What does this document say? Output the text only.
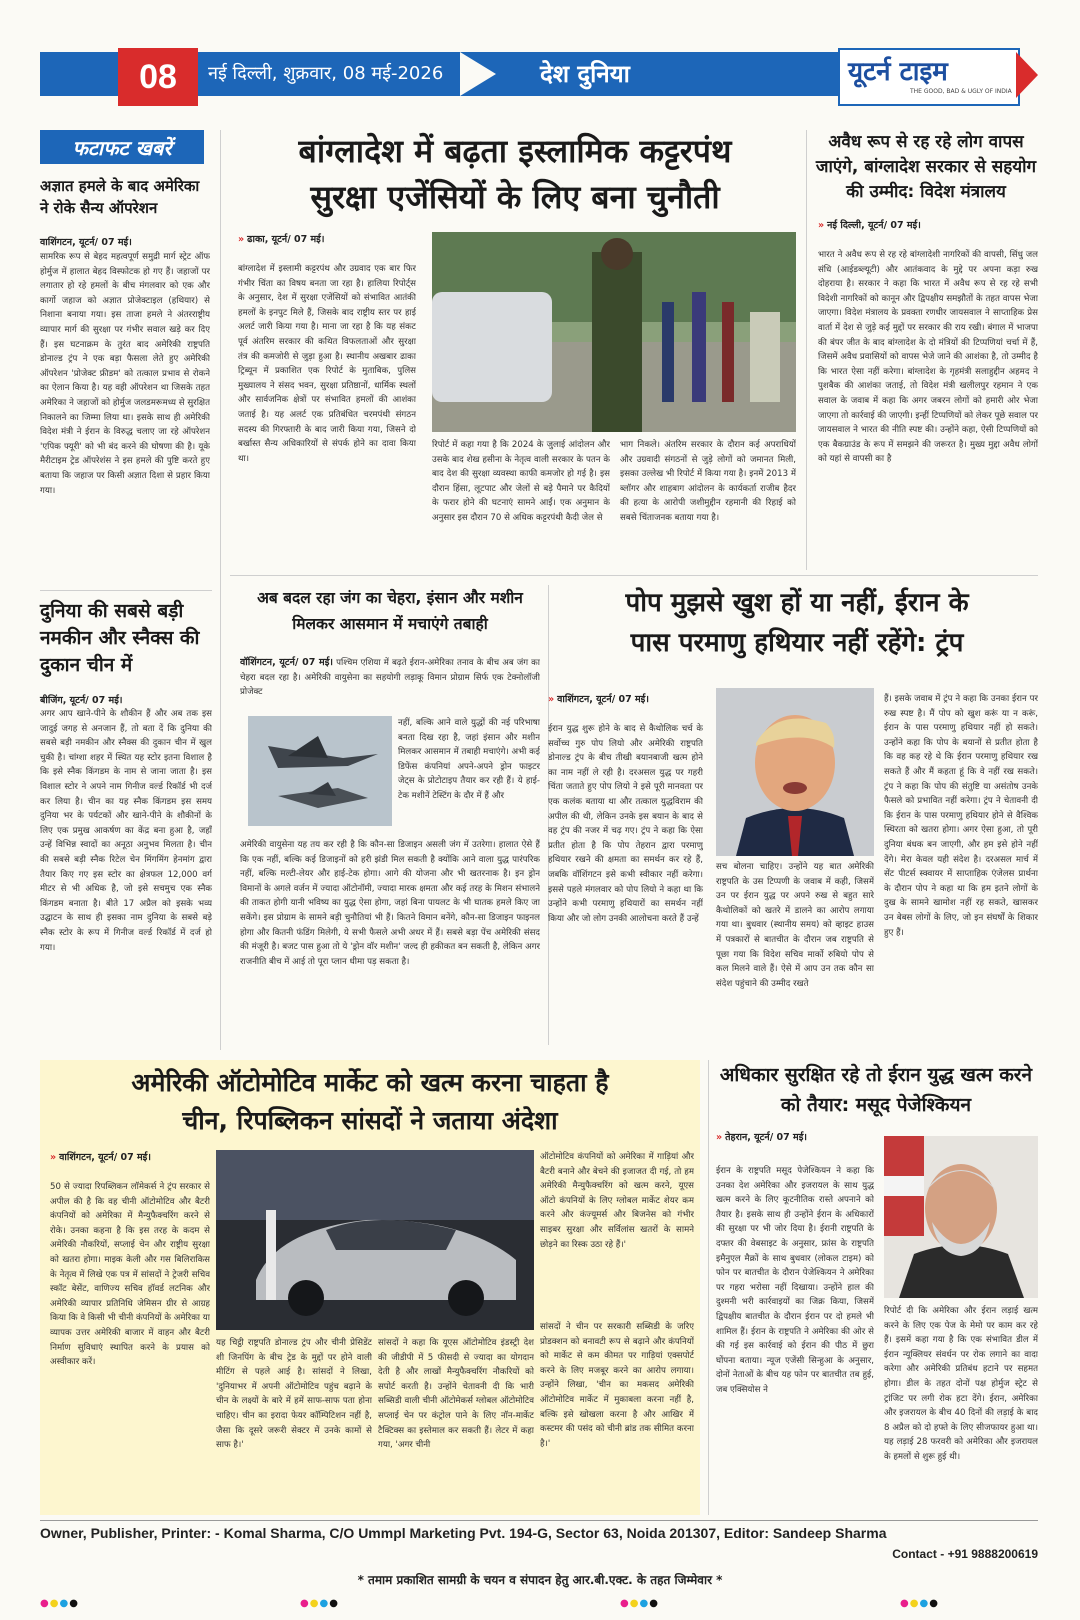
08	नई दिल्ली, शुक्रवार, 08 मई-2026	देश दुनिया	यूटर्न टाइम
THE GOOD, BAD & UGLY OF INDIA
फटाफट खबरें
अज्ञात हमले के बाद अमेरिका ने रोके सैन्य ऑपरेशन
वाशिंगटन, यूटर्न/ 07 मई।
सामरिक रूप से बेहद महत्वपूर्ण समुद्री मार्ग स्ट्रेट ऑफ होर्मुज में हालात बेहद विस्फोटक हो गए हैं। जहाजों पर लगातार हो रहे हमलों के बीच मंगलवार को एक और कार्गो जहाज को अज्ञात प्रोजेक्टाइल (हथियार) से निशाना बनाया गया। इस ताजा हमले ने अंतरराष्ट्रीय व्यापार मार्ग की सुरक्षा पर गंभीर सवाल खड़े कर दिए हैं। इस घटनाक्रम के तुरंत बाद अमेरिकी राष्ट्रपति डोनाल्ड ट्रंप ने एक बड़ा फैसला लेते हुए अमेरिकी ऑपरेशन 'प्रोजेक्ट फ्रीडम' को तत्काल प्रभाव से रोकने का ऐलान किया है। यह वही ऑपरेशन था जिसके तहत अमेरिका ने जहाजों को होर्मुज जलडमरूमध्य से सुरक्षित निकालने का जिम्मा लिया था। इसके साथ ही अमेरिकी विदेश मंत्री ने ईरान के विरुद्ध चलाए जा रहे ऑपरेशन 'एपिक फ्यूरी' को भी बंद करने की घोषणा की है। यूके मैरीटाइम ट्रेड ऑपरेशंस ने इस हमले की पुष्टि करते हुए बताया कि जहाज पर किसी अज्ञात दिशा से प्रहार किया गया।
दुनिया की सबसे बड़ी नमकीन और स्नैक्स की दुकान चीन में
बीजिंग, यूटर्न/ 07 मई।
अगर आप खाने-पीने के शौकीन हैं और अब तक इस जादुई जगह से अनजान हैं, तो बता दें कि दुनिया की सबसे बड़ी नमकीन और स्नैक्स की दुकान चीन में खुल चुकी है। चांग्शा शहर में स्थित यह स्टोर इतना विशाल है कि इसे स्नैक किंगडम के नाम से जाना जाता है। इस विशाल स्टोर ने अपने नाम गिनीज वर्ल्ड रिकॉर्ड भी दर्ज कर लिया है। चीन का यह स्नैक किंगडम इस समय दुनिया भर के पर्यटकों और खाने-पीने के शौकीनों के लिए एक प्रमुख आकर्षण का केंद्र बना हुआ है, जहाँ उन्हें विभिन्न स्वादों का अनूठा अनुभव मिलता है। चीन की सबसे बड़ी स्नैक रिटेल चेन मिंगमिंग हेनमांग द्वारा तैयार किए गए इस स्टोर का क्षेत्रफल 12,000 वर्ग मीटर से भी अधिक है, जो इसे सचमुच एक स्नैक किंगडम बनाता है। बीते 17 अप्रैल को इसके भव्य उद्घाटन के साथ ही इसका नाम दुनिया के सबसे बड़े स्नैक स्टोर के रूप में गिनीज वर्ल्ड रिकॉर्ड में दर्ज हो गया।
बांग्लादेश में बढ़ता इस्लामिक कट्टरपंथ
सुरक्षा एजेंसियों के लिए बना चुनौती
» ढाका, यूटर्न/ 07 मई।
बांग्लादेश में इस्लामी कट्टरपंथ और उग्रवाद एक बार फिर गंभीर चिंता का विषय बनता जा रहा है। हालिया रिपोर्ट्स के अनुसार, देश में सुरक्षा एजेंसियों को संभावित आतंकी हमलों के इनपुट मिले हैं, जिसके बाद राष्ट्रीय स्तर पर हाई अलर्ट जारी किया गया है। माना जा रहा है कि यह संकट पूर्व अंतरिम सरकार की कथित विफलताओं और सुरक्षा तंत्र की कमजोरी से जुड़ा हुआ है। स्थानीय अखबार ढाका ट्रिब्यून में प्रकाशित एक रिपोर्ट के मुताबिक, पुलिस मुख्यालय ने संसद भवन, सुरक्षा प्रतिष्ठानों, धार्मिक स्थलों और सार्वजनिक क्षेत्रों पर संभावित हमलों की आशंका जताई है। यह अलर्ट एक प्रतिबंधित चरमपंथी संगठन सदस्य की गिरफ्तारी के बाद जारी किया गया, जिसने दो बर्खास्त सैन्य अधिकारियों से संपर्क होने का दावा किया था।
रिपोर्ट में कहा गया है कि 2024 के जुलाई आंदोलन और उसके बाद शेख हसीना के नेतृत्व वाली सरकार के पतन के बाद देश की सुरक्षा व्यवस्था काफी कमजोर हो गई है। इस दौरान हिंसा, लूटपाट और जेलों से बड़े पैमाने पर कैदियों के फरार होने की घटनाएं सामने आईं। एक अनुमान के अनुसार इस दौरान 70 से अधिक कट्टरपंथी कैदी जेल से
भाग निकले। अंतरिम सरकार के दौरान कई अपराधियों और उग्रवादी संगठनों से जुड़े लोगों को जमानत मिली, इसका उल्लेख भी रिपोर्ट में किया गया है। इनमें 2013 में ब्लॉगर और शाहबाग आंदोलन के कार्यकर्ता राजीब हैदर की हत्या के आरोपी जशीमुद्दीन रहमानी की रिहाई को सबसे चिंताजनक बताया गया है।
अवैध रूप से रह रहे लोग वापस जाएंगे, बांग्लादेश सरकार से सहयोग की उम्मीद: विदेश मंत्रालय
» नई दिल्ली, यूटर्न/ 07 मई।
भारत ने अवैध रूप से रह रहे बांग्लादेशी नागरिकों की वापसी, सिंधु जल संधि (आईडब्ल्यूटी) और आतंकवाद के मुद्दे पर अपना कड़ा रुख दोहराया है। सरकार ने कहा कि भारत में अवैध रूप से रह रहे सभी विदेशी नागरिकों को कानून और द्विपक्षीय समझौतों के तहत वापस भेजा जाएगा। विदेश मंत्रालय के प्रवक्ता रणधीर जायसवाल ने साप्ताहिक प्रेस वार्ता में देश से जुड़े कई मुद्दों पर सरकार की राय रखी। बंगाल में भाजपा की बंपर जीत के बाद बांग्लादेश के दो मंत्रियों की टिप्पणियां चर्चा में हैं, जिसमें अवैध प्रवासियों को वापस भेजे जाने की आशंका है, तो उम्मीद है कि भारत ऐसा नहीं करेगा। बांग्लादेश के गृहमंत्री सलाहुद्दीन अहमद ने पुशबैक की आशंका जताई, तो विदेश मंत्री खलीलपुर रहमान ने एक सवाल के जवाब में कहा कि अगर जबरन लोगों को हमारी ओर भेजा जाएगा तो कार्रवाई की जाएगी। इन्हीं टिप्पणियों को लेकर पूछे सवाल पर जायसवाल ने भारत की नीति स्पष्ट की। उन्होंने कहा, ऐसी टिप्पणियों को एक बैकग्राउंड के रूप में समझने की जरूरत है। मुख्य मुद्दा अवैध लोगों को यहां से वापसी का है
अब बदल रहा जंग का चेहरा, इंसान और मशीन मिलकर आसमान में मचाएंगे तबाही
वॉशिंगटन, यूटर्न/ 07 मई। पश्चिम एशिया में बढ़ते ईरान-अमेरिका तनाव के बीच अब जंग का चेहरा बदल रहा है। अमेरिकी वायुसेना का सहयोगी लड़ाकू विमान प्रोग्राम सिर्फ एक टेक्नोलॉजी प्रोजेक्ट
नहीं, बल्कि आने वाले युद्धों की नई परिभाषा बनता दिख रहा है, जहां इंसान और मशीन मिलकर आसमान में तबाही मचाएंगे। अभी कई डिफेंस कंपनियां अपने-अपने ड्रोन फाइटर जेट्स के प्रोटोटाइप तैयार कर रही हैं। ये हाई-टेक मशीनें टेस्टिंग के दौर में हैं और
अमेरिकी वायुसेना यह तय कर रही है कि कौन-सा डिजाइन असली जंग में उतरेगा। हालात ऐसे हैं कि एक नहीं, बल्कि कई डिजाइनों को हरी झंडी मिल सकती है क्योंकि आने वाला युद्ध पारंपरिक नहीं, बल्कि मल्टी-लेयर और हाई-टेक होगा। आगे की योजना और भी खतरनाक है। इन ड्रोन विमानों के अगले वर्जन में ज्यादा ऑटोनॉमी, ज्यादा मारक क्षमता और कई तरह के मिशन संभालने की ताकत होगी यानी भविष्य का युद्ध ऐसा होगा, जहां बिना पायलट के भी घातक हमले किए जा सकेंगे। इस प्रोग्राम के सामने बड़ी चुनौतियां भी हैं। कितने विमान बनेंगे, कौन-सा डिजाइन फाइनल होगा और कितनी फंडिंग मिलेगी, ये सभी फैसले अभी अधर में हैं। सबसे बड़ा पेंच अमेरिकी संसद की मंजूरी है। बजट पास हुआ तो ये 'ड्रोन वॉर मशीन' जल्द ही हकीकत बन सकती है, लेकिन अगर राजनीति बीच में आई तो पूरा प्लान धीमा पड़ सकता है।
पोप मुझसे खुश हों या नहीं, ईरान के
पास परमाणु हथियार नहीं रहेंगे: ट्रंप
» वाशिंगटन, यूटर्न/ 07 मई।
ईरान युद्ध शुरू होने के बाद से कैथोलिक चर्च के सर्वोच्च गुरु पोप लियो और अमेरिकी राष्ट्रपति डोनाल्ड ट्रंप के बीच तीखी बयानबाजी खत्म होने का नाम नहीं ले रही है। दरअसल युद्ध पर गहरी चिंता जताते हुए पोप लियो ने इसे पूरी मानवता पर एक कलंक बताया था और तत्काल युद्धविराम की अपील की थी, लेकिन उनके इस बयान के बाद से वह ट्रंप की नजर में चढ़ गए। ट्रंप ने कहा कि ऐसा प्रतीत होता है कि पोप तेहरान द्वारा परमाणु हथियार रखने की क्षमता का समर्थन कर रहे हैं, जबकि वॉशिंगटन इसे कभी स्वीकार नहीं करेगा। इससे पहले मंगलवार को पोप लियो ने कहा था कि उन्होंने कभी परमाणु हथियारों का समर्थन नहीं किया और जो लोग उनकी आलोचना करते हैं उन्हें
सच बोलना चाहिए। उन्होंने यह बात अमेरिकी राष्ट्रपति के उस टिप्पणी के जवाब में कही, जिसमें उन पर ईरान युद्ध पर अपने रुख से बहुत सारे कैथोलिकों को खतरे में डालने का आरोप लगाया गया था। बुधवार (स्थानीय समय) को व्हाइट हाउस में पत्रकारों से बातचीत के दौरान जब राष्ट्रपति से पूछा गया कि विदेश सचिव मार्को रुबियो पोप से कल मिलने वाले हैं। ऐसे में आप उन तक कौन सा संदेश पहुंचाने की उम्मीद रखते
हैं। इसके जवाब में ट्रंप ने कहा कि उनका ईरान पर रुख स्पष्ट है। मैं पोप को खुश करूं या न करूं, ईरान के पास परमाणु हथियार नहीं हो सकते। उन्होंने कहा कि पोप के बयानों से प्रतीत होता है कि वह कह रहे थे कि ईरान परमाणु हथियार रख सकते हैं और मैं कहता हूं कि वे नहीं रख सकते। ट्रंप ने कहा कि पोप की संतुष्टि या असंतोष उनके फैसले को प्रभावित नहीं करेगा। ट्रंप ने चेतावनी दी कि ईरान के पास परमाणु हथियार होने से वैश्विक स्थिरता को खतरा होगा। अगर ऐसा हुआ, तो पूरी दुनिया बंधक बन जाएगी, और हम इसे होने नहीं देंगे। मेरा केवल यही संदेश है। दरअसल मार्च में सेंट पीटर्स स्क्वायर में साप्ताहिक एंजेलस प्रार्थना के दौरान पोप ने कहा था कि हम इतने लोगों के दुख के सामने खामोश नहीं रह सकते, खासकर उन बेबस लोगों के लिए, जो इन संघर्षों के शिकार हुए हैं।
अमेरिकी ऑटोमोटिव मार्केट को खत्म करना चाहता है
चीन, रिपब्लिकन सांसदों ने जताया अंदेशा
» वाशिंगटन, यूटर्न/ 07 मई।
50 से ज्यादा रिपब्लिकन लॉमेकर्स ने ट्रंप सरकार से अपील की है कि वह चीनी ऑटोमोटिव और बैटरी कंपनियों को अमेरिका में मैन्युफैक्चरिंग करने से रोके। उनका कहना है कि इस तरह के कदम से अमेरिकी नौकरियों, सप्लाई चेन और राष्ट्रीय सुरक्षा को खतरा होगा। माइक केली और गस बिलिराकिस के नेतृत्व में लिखे एक पत्र में सांसदों ने ट्रेजरी सचिव स्कॉट बेसेंट, वाणिज्य सचिव हॉवर्ड लटनिक और अमेरिकी व्यापार प्रतिनिधि जेमिसन ग्रीर से आग्रह किया कि वे किसी भी चीनी कंपनियों के अमेरिका या व्यापक उत्तर अमेरिकी बाजार में वाहन और बैटरी निर्माण सुविधाएं स्थापित करने के प्रयास को अस्वीकार करें।
यह चिट्ठी राष्ट्रपति डोनाल्ड ट्रंप और चीनी प्रेसिडेंट शी जिनपिंग के बीच ट्रेड के मुद्दों पर होने वाली मीटिंग से पहले आई है। सांसदों ने लिखा, 'दुनियाभर में अपनी ऑटोमोटिव पहुंच बढ़ाने के चीन के लक्ष्यों के बारे में हमें साफ-साफ पता होना चाहिए। चीन का इरादा फेयर कॉम्पिटिशन नहीं है, जैसा कि दूसरे जरूरी सेक्टर में उनके कामों से साफ है।'
सांसदों ने कहा कि यूएस ऑटोमोटिव इंडस्ट्री देश की जीडीपी में 5 फीसदी से ज्यादा का योगदान देती है और लाखों मैन्युफैक्चरिंग नौकरियों को सपोर्ट करती है। उन्होंने चेतावनी दी कि भारी सब्सिडी वाली चीनी ऑटोमेकर्स ग्लोबल ऑटोमोटिव सप्लाई चेन पर कंट्रोल पाने के लिए नॉन-मार्केट टैक्टिक्स का इस्तेमाल कर सकती हैं। लेटर में कहा गया, 'अगर चीनी
ऑटोमोटिव कंपनियों को अमेरिका में गाड़ियां और बैटरी बनाने और बेचने की इजाजत दी गई, तो हम अमेरिकी मैन्युफैक्चरिंग को खत्म करने, यूएस ऑटो कंपनियों के लिए ग्लोबल मार्केट शेयर कम करने और कंज्यूमर्स और बिजनेस को गंभीर साइबर सुरक्षा और सर्विलांस खतरों के सामने छोड़ने का रिस्क उठा रहे हैं।'
सांसदों ने चीन पर सरकारी सब्सिडी के जरिए प्रोडक्शन को बनावटी रूप से बढ़ाने और कंपनियों को मार्केट से कम कीमत पर गाड़ियां एक्सपोर्ट करने के लिए मजबूर करने का आरोप लगाया। उन्होंने लिखा, 'चीन का मकसद अमेरिकी ऑटोमोटिव मार्केट में मुकाबला करना नहीं है, बल्कि इसे खोखला करना है और आखिर में कस्टमर की पसंद को चीनी ब्रांड तक सीमित करना है।'
अधिकार सुरक्षित रहे तो ईरान युद्ध खत्म करने को तैयार: मसूद पेजेश्कियन
» तेहरान, यूटर्न/ 07 मई।
ईरान के राष्ट्रपति मसूद पेजेश्कियन ने कहा कि उनका देश अमेरिका और इजरायल के साथ युद्ध खत्म करने के लिए कूटनीतिक रास्ते अपनाने को तैयार है। इसके साथ ही उन्होंने ईरान के अधिकारों की सुरक्षा पर भी जोर दिया है। ईरानी राष्ट्रपति के दफ्तर की वेबसाइट के अनुसार, फ्रांस के राष्ट्रपति इमैनुएल मैक्रों के साथ बुधवार (लोकल टाइम) को फोन पर बातचीत के दौरान पेजेश्कियन ने अमेरिका पर गहरा भरोसा नहीं दिखाया। उन्होंने हाल की दुश्मनी भरी कार्रवाइयों का जिक्र किया, जिसमें द्विपक्षीय बातचीत के दौरान ईरान पर दो हमले भी शामिल हैं। ईरान के राष्ट्रपति ने अमेरिका की ओर से की गई इस कार्रवाई को ईरान की पीठ में छुरा घोंपना बताया। न्यूज एजेंसी सिन्हुआ के अनुसार, दोनों नेताओं के बीच यह फोन पर बातचीत तब हुई, जब एक्सियोस ने
रिपोर्ट दी कि अमेरिका और ईरान लड़ाई खत्म करने के लिए एक पेज के मेमो पर काम कर रहे हैं। इसमें कहा गया है कि एक संभावित डील में ईरान न्यूक्लियर संवर्धन पर रोक लगाने का वादा करेगा और अमेरिकी प्रतिबंध हटाने पर सहमत होगा। डील के तहत दोनों पक्ष होर्मुज स्ट्रेट से ट्रांजिट पर लगी रोक हटा देंगे। ईरान, अमेरिका और इजरायल के बीच 40 दिनों की लड़ाई के बाद 8 अप्रैल को दो हफ्ते के लिए सीजफायर हुआ था। यह लड़ाई 28 फरवरी को अमेरिका और इजरायल के हमलों से शुरू हुई थी।
Owner, Publisher, Printer: - Komal Sharma, C/O Ummpl Marketing Pvt. 194-G, Sector 63, Noida 201307, Editor: Sandeep Sharma
Contact - +91 9888200619
* तमाम प्रकाशित सामग्री के चयन व संपादन हेतु आर.बी.एक्ट. के तहत जिम्मेवार *
●●●●	●●●●	●●●●	●●●●
